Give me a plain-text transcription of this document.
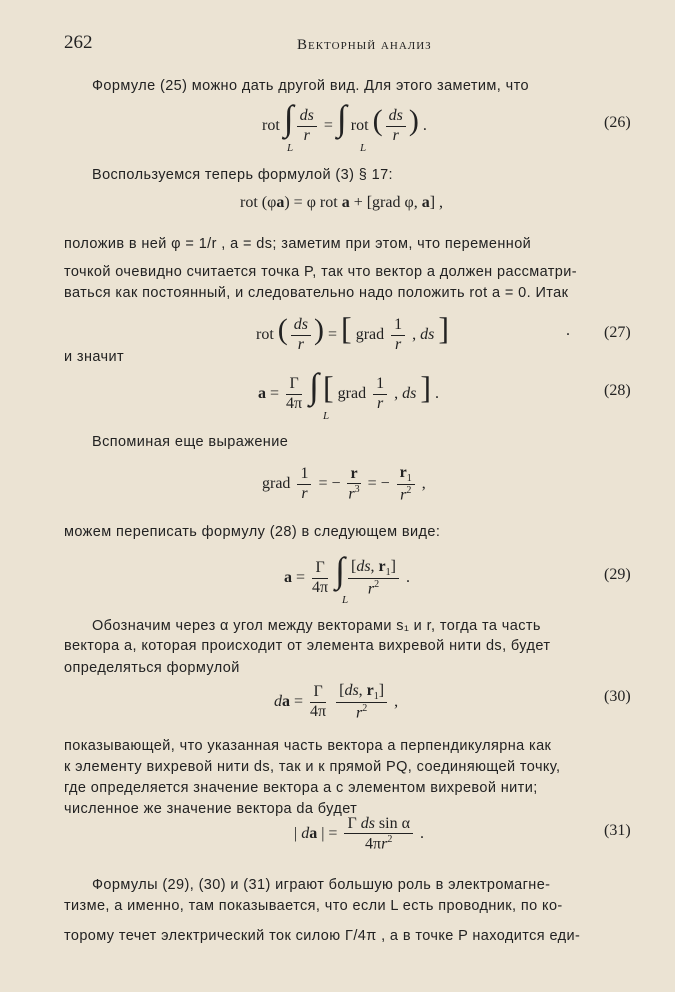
262	Векторный анализ
Формуле (25) можно дать другой вид. Для этого заметим, что
rot ∫ $\frac{ds}{r}$ = ∫ rot ( $\frac{ds}{r}$ ) .
L	L
(26)
Воспользуемся теперь формулой (3) § 17:
rot (φa) = φ rot a + [grad φ, a] ,
положив в ней φ = 1/r , a = ds; заметим при этом, что переменной
точкой очевидно считается точка P, так что вектор a должен рассматри-
ваться как постоянный, и следовательно надо положить rot a = 0. Итак
rot ( $\frac{ds}{r}$ ) = [ grad $\frac{1}{r}$ , ds ]	. (27)
и значит
$a = \frac{\Gamma}{4\pi}$ ∫ [ grad $\frac{1}{r}$ , ds ] .
L
(28)
Вспоминая еще выражение
grad $\frac{1}{r}$ = − $\frac{r}{r^3}$ = − $\frac{r_1}{r^2}$ ,
можем переписать формулу (28) в следующем виде:
$a = \frac{\Gamma}{4\pi}$ ∫ $\frac{[ds, r_1]}{r^2}$ .
L
(29)
Обозначим через α угол между векторами s₁ и r, тогда та часть
вектора a, которая происходит от элемента вихревой нити ds, будет
определяться формулой
da = $\frac{\Gamma}{4\pi}$
$\frac{[ds, r_1]}{r^2}$ ,	(30)
показывающей, что указанная часть вектора a перпендикулярна как
к элементу вихревой нити ds, так и к прямой PQ, соединяющей точку,
где определяется значение вектора a с элементом вихревой нити;
численное же значение вектора da будет
| da | = $\frac{\text{Γ ds sin α}}{4\pi r^2}$ .	(31)
Формулы (29), (30) и (31) играют большую роль в электромагне-
тизме, а именно, там показывается, что если L есть проводник, по ко-
торому течет электрический ток силою Γ/4π , а в точке P находится еди-
